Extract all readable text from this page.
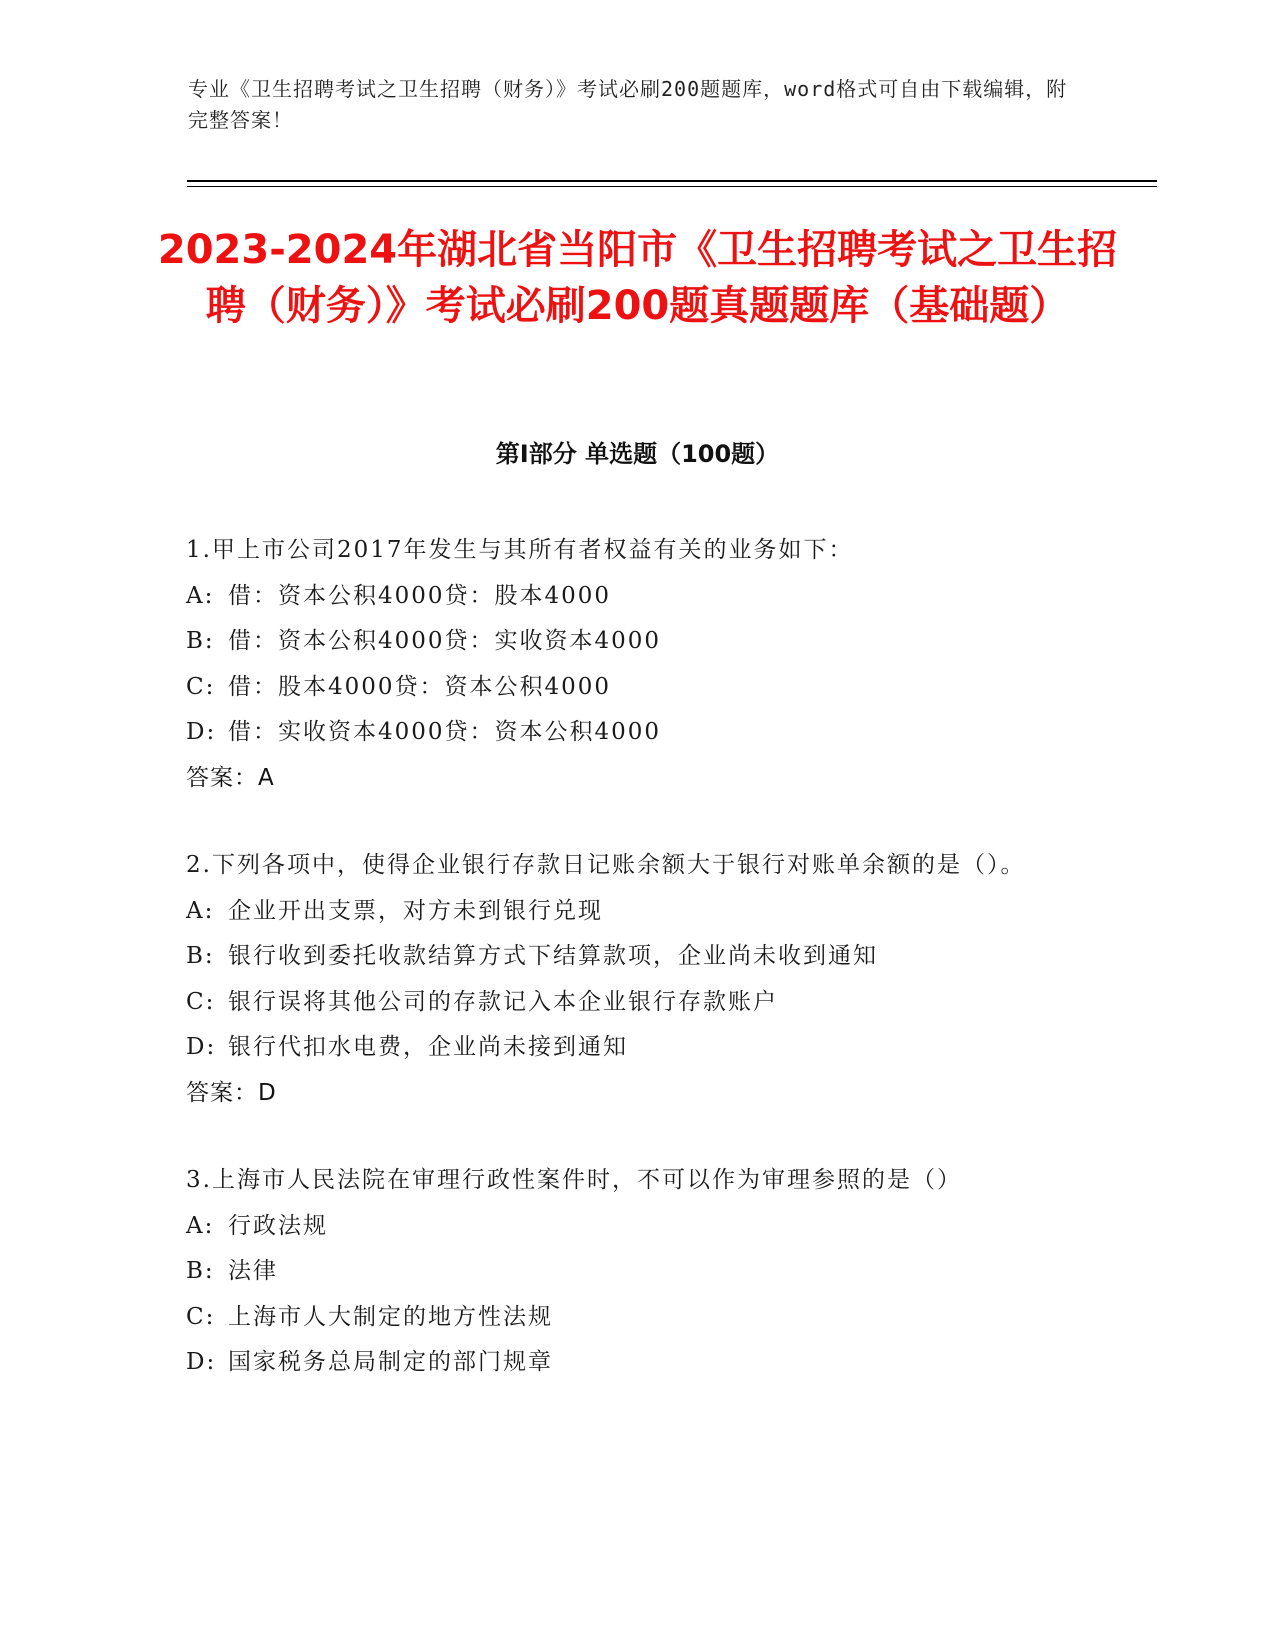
专业《卫生招聘考试之卫生招聘（财务）》考试必刷200题题库，word格式可自由下载编辑，附完整答案！
2023-2024年湖北省当阳市《卫生招聘考试之卫生招聘（财务）》考试必刷200题真题题库（基础题）
第Ⅰ部分 单选题（100题）
1.甲上市公司2017年发生与其所有者权益有关的业务如下：
A: 借：资本公积4000贷：股本4000
B: 借：资本公积4000贷：实收资本4000
C: 借：股本4000贷：资本公积4000
D: 借：实收资本4000贷：资本公积4000
答案：A
2.下列各项中，使得企业银行存款日记账余额大于银行对账单余额的是（）。
A: 企业开出支票，对方未到银行兑现
B: 银行收到委托收款结算方式下结算款项，企业尚未收到通知
C: 银行误将其他公司的存款记入本企业银行存款账户
D: 银行代扣水电费，企业尚未接到通知
答案：D
3.上海市人民法院在审理行政性案件时，不可以作为审理参照的是（）
A: 行政法规
B: 法律
C: 上海市人大制定的地方性法规
D: 国家税务总局制定的部门规章
